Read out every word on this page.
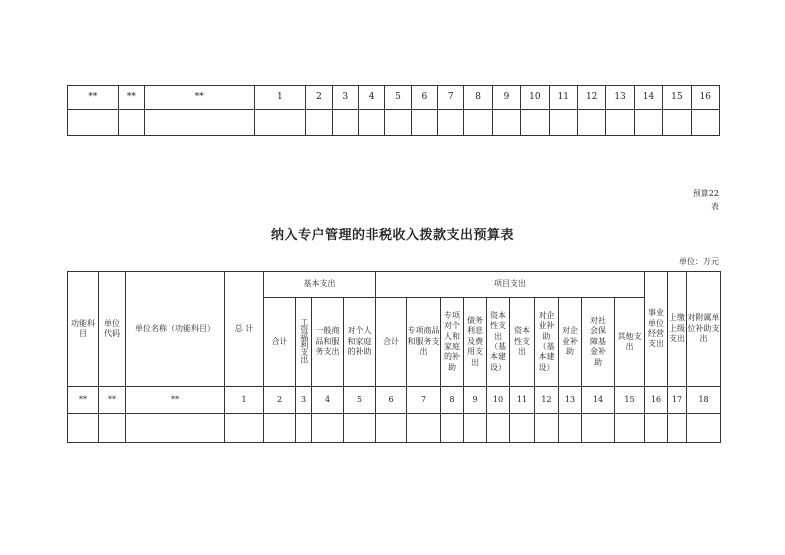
**	**	**	1	2	3	4	5	6	7	8	9	10	11	12	13	14	15	16

预算22
表
纳入专户管理的非税收入拨款支出预算表
单位：万元
功能科目	单位代码	单位名称（功能科目）	总 计	基本支出				项目支出										事业单位经营支出	上缴上级支出	对附属单位补助支出

				合计	工资福利支出	一般商品和服务支出	对个人和家庭的补助	合计	专项商品和服务支出	专项对个人和家庭的补助	债务利息及费用支出	资本性支出（基本建设）	资本性支出	对企业补助（基本建设）	对企业补助	对社会保障基金补助	其他支出			

**	**	**	1	2	3	4	5	6	7	8	9	10	11	12	13	14	15	16	17	18
